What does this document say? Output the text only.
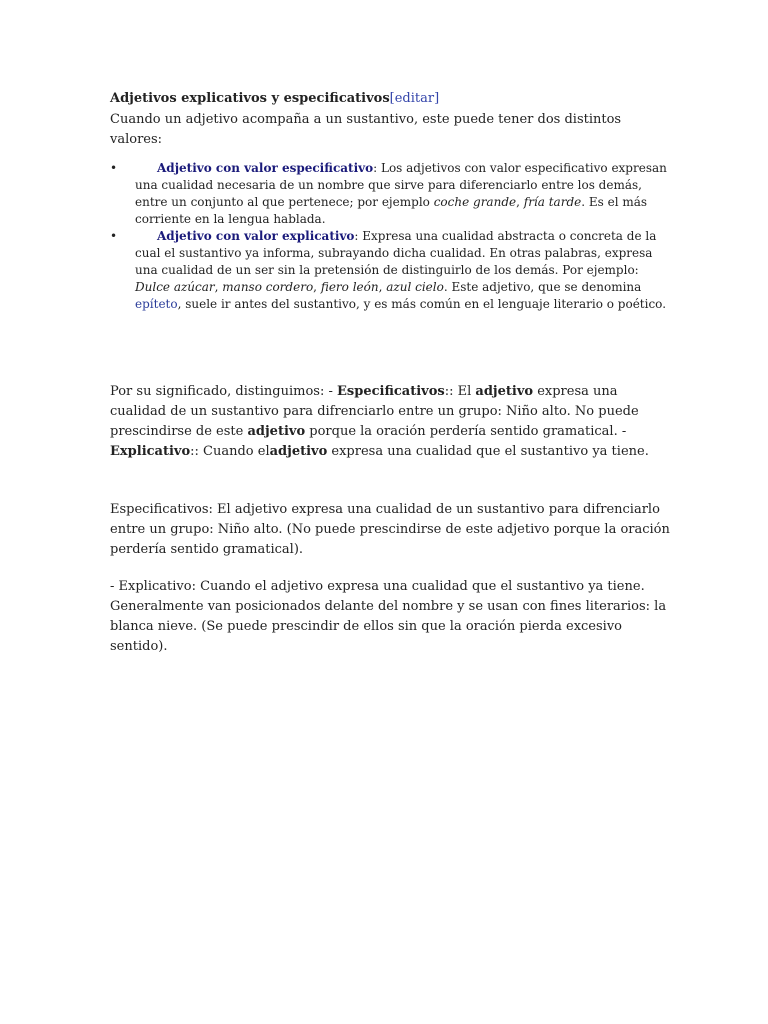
Adjetivos explicativos y especificativos[editar]

Cuando un adjetivo acompaña a un sustantivo, este puede tener dos distintos valores:

•	Adjetivo con valor especificativo: Los adjetivos con valor especificativo expresan una cualidad necesaria de un nombre que sirve para diferenciarlo entre los demás, entre un conjunto al que pertenece; por ejemplo coche grande, fría tarde. Es el más corriente en la lengua hablada.
•	Adjetivo con valor explicativo: Expresa una cualidad abstracta o concreta de la cual el sustantivo ya informa, subrayando dicha cualidad. En otras palabras, expresa una cualidad de un ser sin la pretensión de distinguirlo de los demás. Por ejemplo: Dulce azúcar, manso cordero, fiero león, azul cielo. Este adjetivo, que se denomina epíteto, suele ir antes del sustantivo, y es más común en el lenguaje literario o poético.

Por su significado, distinguimos: - Especificativos:: El adjetivo expresa una cualidad de un sustantivo para difrenciarlo entre un grupo: Niño alto. No puede prescindirse de este adjetivo porque la oración perdería sentido gramatical. - Explicativo:: Cuando eladjetivo expresa una cualidad que el sustantivo ya tiene.

Especificativos: El adjetivo expresa una cualidad de un sustantivo para difrenciarlo entre un grupo: Niño alto. (No puede prescindirse de este adjetivo porque la oración perdería sentido gramatical).

- Explicativo: Cuando el adjetivo expresa una cualidad que el sustantivo ya tiene. Generalmente van posicionados delante del nombre y se usan con fines literarios: la blanca nieve. (Se puede prescindir de ellos sin que la oración pierda excesivo sentido).
